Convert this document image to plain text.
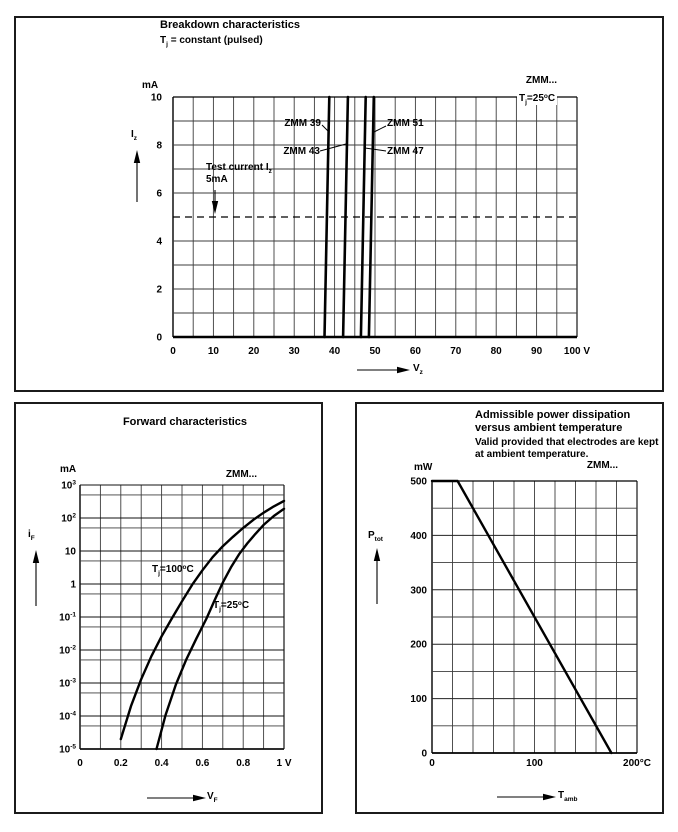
0	10	20	30	40	50	60	70	80	90 100 V
10
8
6
4
2
0
$10^3$
$10^2$
10
1
$10^{-1}$
$10^{-2}$
$10^{-3}$
$10^{-4}$
$10^{-5}$
0	0.2	0.4	0.6	0.8	1 V	0	100	200°C
500
400
300
200
100
0
Breakdown characteristics
$T_j$ = constant (pulsed)
mA	ZMM...
$T_j=25^oC$
$I_z$
$V_z$
ZMM 39
ZMM 43
ZMM 51
ZMM 47
Test current $I_z$
5mA
Forward characteristics
mA	ZMM...
$i_F$
$V_F$
$T_j=100^oC$
$T_j=25^oC$
Admissible power dissipation
versus ambient temperature
Valid provided that electrodes are kept
at ambient temperature.
mW	ZMM...
$P_{tot}$
$T_{amb}$
